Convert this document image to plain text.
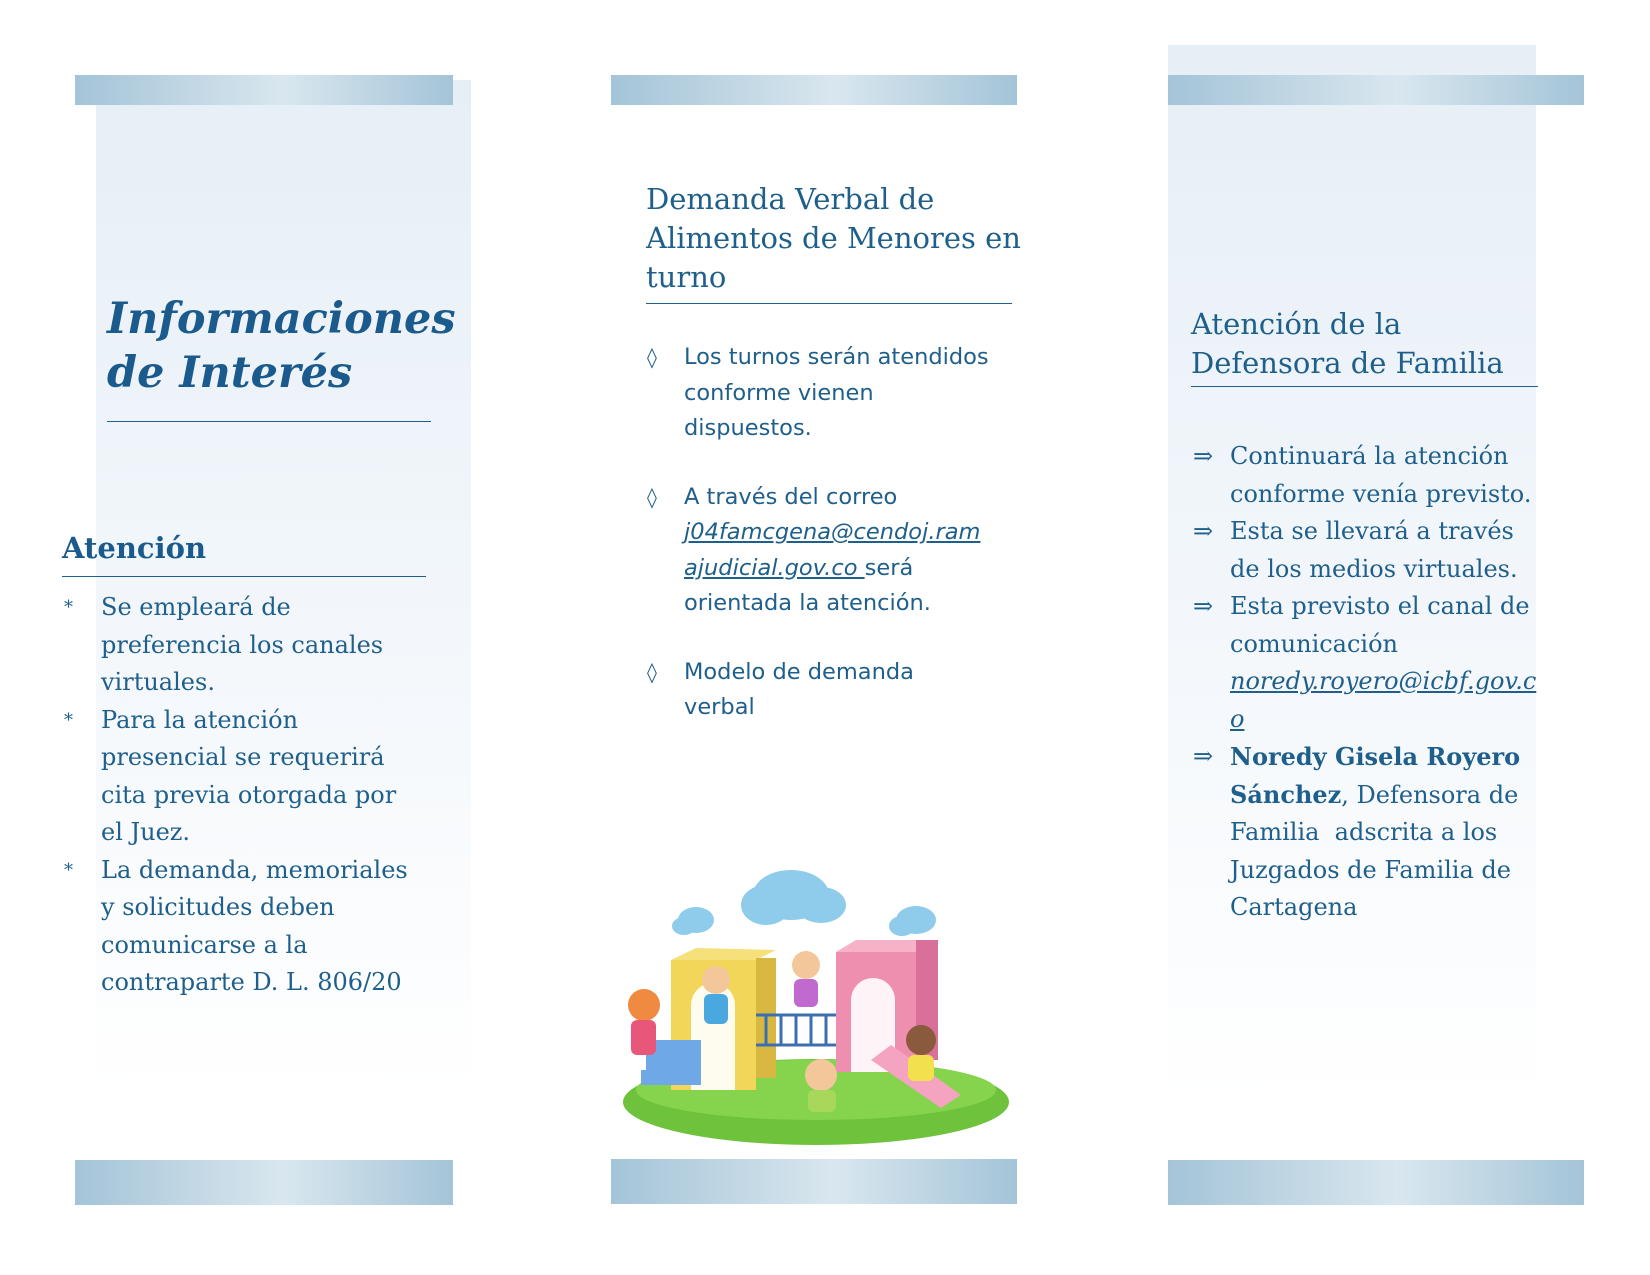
Informaciones
de Interés
Atención
* Se empleará de
preferencia los canales
virtuales.
* Para la atención
presencial se requerirá
cita previa otorgada por
el Juez.
* La demanda, memoriales
y solicitudes deben
comunicarse a la
contraparte D. L. 806/20
Demanda Verbal de
Alimentos de Menores en
turno
◊ Los turnos serán atendidos
conforme vienen
dispuestos.
◊ A través del correo
j04famcgena@cendoj.ram
ajudicial.gov.co será
orientada la atención.
◊ Modelo de demanda
verbal
Atención de la
Defensora de Familia
⇒ Continuará la atención
conforme venía previsto.
⇒ Esta se llevará a través
de los medios virtuales.
⇒ Esta previsto el canal de
comunicación
noredy.royero@icbf.gov.c
o
⇒ Noredy Gisela Royero
Sánchez, Defensora de
Familia  adscrita a los
Juzgados de Familia de
Cartagena
